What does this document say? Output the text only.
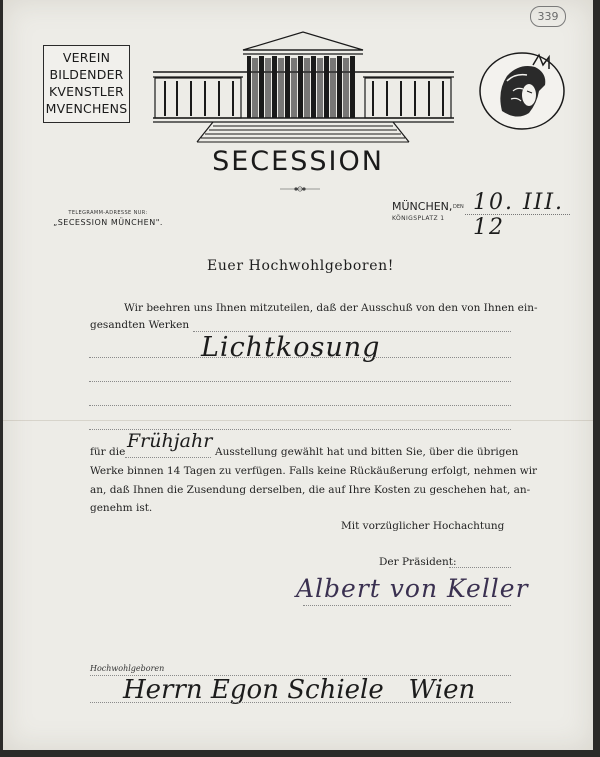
339
VEREIN
BILDENDER
KVENSTLER
MVENCHENS
SECESSION
TELEGRAMM-ADRESSE NUR:
„SECESSION MÜNCHEN".
MÜNCHEN, DEN
KÖNIGSPLATZ 1
10. III. 12
Euer Hochwohlgeboren!
Wir beehren uns Ihnen mitzuteilen, daß der Ausschuß von den von Ihnen ein-
gesandten Werken
Lichtkosung
für die Frühjahr Ausstellung gewählt hat und bitten Sie, über die übrigen
Werke binnen 14 Tagen zu verfügen. Falls keine Rückäußerung erfolgt, nehmen wir
an, daß Ihnen die Zusendung derselben, die auf Ihre Kosten zu geschehen hat, an-
genehm ist.
Mit vorzüglicher Hochachtung
Der Präsident:
Albert von Keller
Hochwohlgeboren
Herrn Egon Schiele   Wien
